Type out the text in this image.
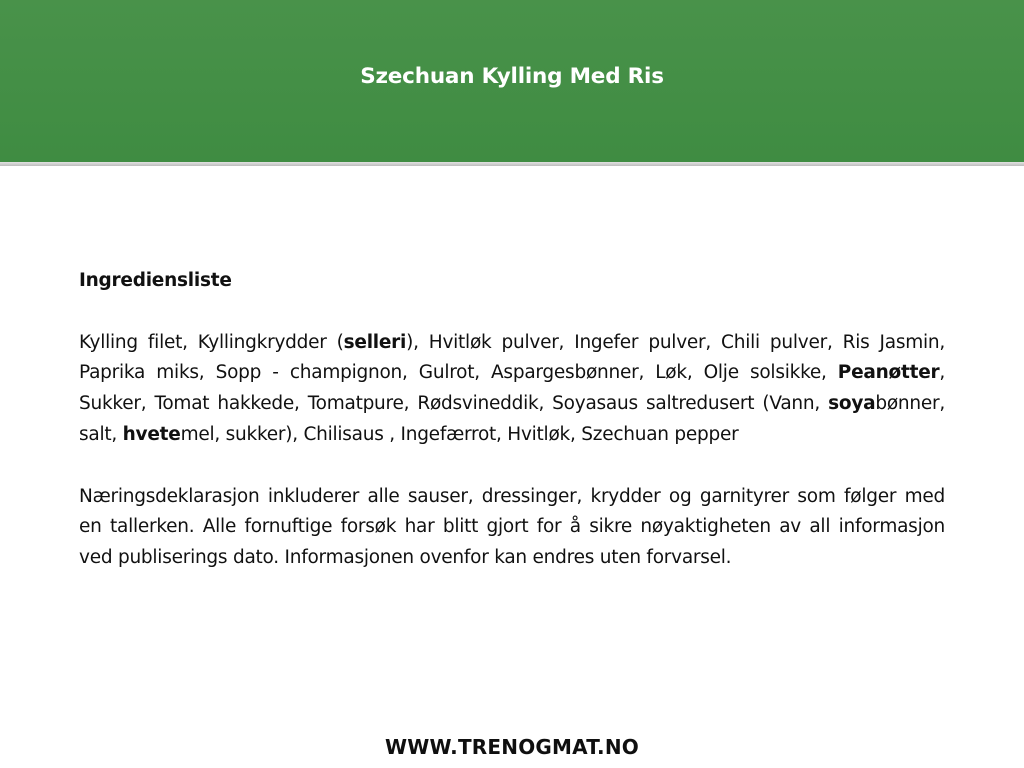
Szechuan Kylling Med Ris

Ingrediensliste

Kylling filet, Kyllingkrydder (selleri), Hvitløk pulver, Ingefer pulver, Chili pulver, Ris Jasmin, Paprika miks, Sopp - champignon, Gulrot, Aspargesbønner, Løk, Olje solsikke, Peanøtter, Sukker, Tomat hakkede, Tomatpure, Rødsvineddik, Soyasaus saltredusert (Vann, soyabønner, salt, hvetemel, sukker), Chilisaus , Ingefærrot, Hvitløk, Szechuan pepper

Næringsdeklarasjon inkluderer alle sauser, dressinger, krydder og garnityrer som følger med en tallerken. Alle fornuftige forsøk har blitt gjort for å sikre nøyaktigheten av all informasjon ved publiserings dato. Informasjonen ovenfor kan endres uten forvarsel.

WWW.TRENOGMAT.NO
